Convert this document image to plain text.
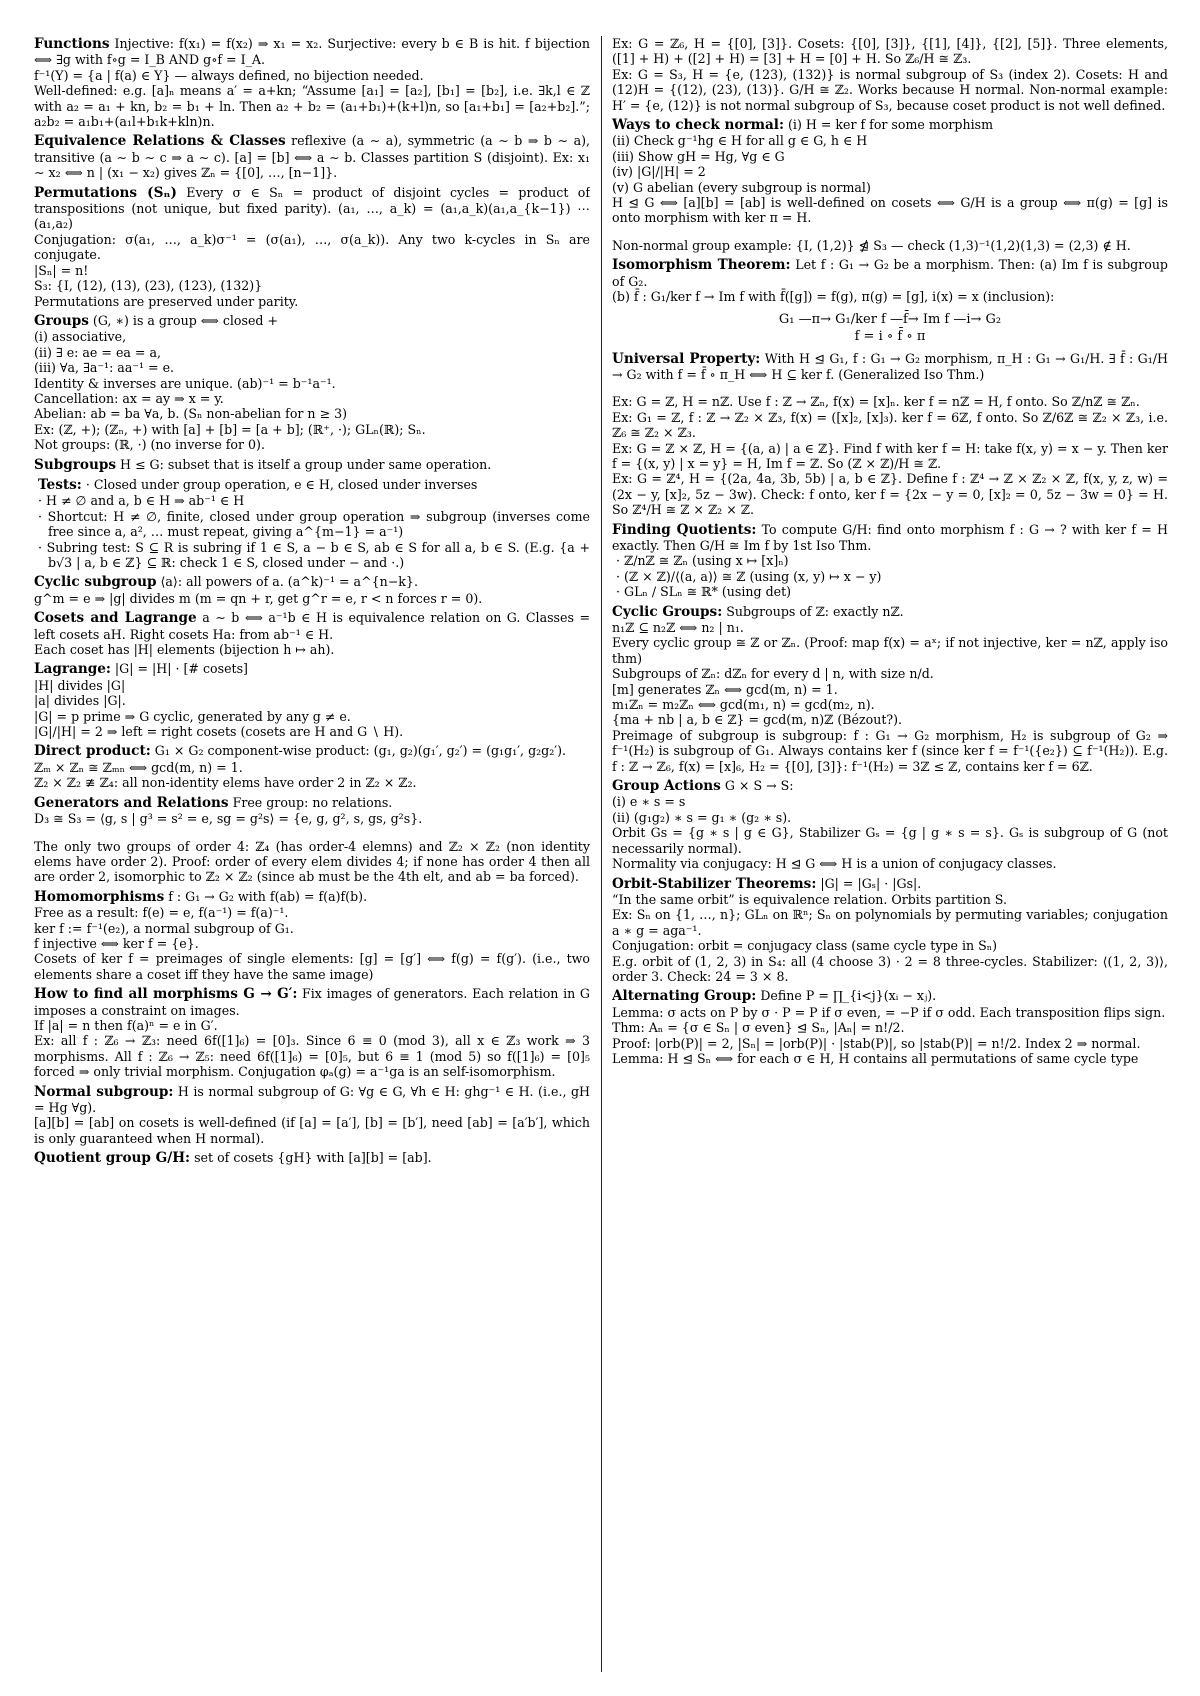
Functions Injective: f(x₁) = f(x₂) ⇒ x₁ = x₂. Surjective: every b ∈ B is hit. f bijection ⟺ ∃g with f∘g = I_B AND g∘f = I_A.
f⁻¹(Y) = {a | f(a) ∈ Y} — always defined, no bijection needed.
Well-defined: e.g. [a]ₙ means a′ = a+kn; “Assume [a₁] = [a₂], [b₁] = [b₂], i.e. ∃k,l ∈ ℤ with a₂ = a₁ + kn, b₂ = b₁ + ln. Then a₂ + b₂ = (a₁+b₁)+(k+l)n, so [a₁+b₁] = [a₂+b₂].”; a₂b₂ = a₁b₁+(a₁l+b₁k+kln)n.
Equivalence Relations & Classes reflexive (a ∼ a), symmetric (a ∼ b ⇒ b ∼ a), transitive (a ∼ b ∼ c ⇒ a ∼ c). [a] = [b] ⟺ a ∼ b. Classes partition S (disjoint). Ex: x₁ ∼ x₂ ⟺ n | (x₁ − x₂) gives ℤₙ = {[0], …, [n−1]}.
Permutations (Sₙ) Every σ ∈ Sₙ = product of disjoint cycles = product of transpositions (not unique, but fixed parity). (a₁, …, a_k) = (a₁,a_k)(a₁,a_{k−1}) ⋯ (a₁,a₂)
Conjugation: σ(a₁, …, a_k)σ⁻¹ = (σ(a₁), …, σ(a_k)). Any two k-cycles in Sₙ are conjugate.
|Sₙ| = n!
S₃: {I, (12), (13), (23), (123), (132)}
Permutations are preserved under parity.
Groups (G, ∗) is a group ⟺ closed +
(i) associative,
(ii) ∃ e: ae = ea = a,
(iii) ∀a, ∃a⁻¹: aa⁻¹ = e.
Identity & inverses are unique. (ab)⁻¹ = b⁻¹a⁻¹.
Cancellation: ax = ay ⇒ x = y.
Abelian: ab = ba ∀a, b. (Sₙ non-abelian for n ≥ 3)
Ex: (ℤ, +); (ℤₙ, +) with [a] + [b] = [a + b]; (ℝ⁺, ·); GLₙ(ℝ); Sₙ.
Not groups: (ℝ, ·) (no inverse for 0).
Subgroups H ≤ G: subset that is itself a group under same operation.
Tests: · Closed under group operation, e ∈ H, closed under inverses
· H ≠ ∅ and a, b ∈ H ⇒ ab⁻¹ ∈ H
· Shortcut: H ≠ ∅, finite, closed under group operation ⇒ subgroup (inverses come free since a, a², … must repeat, giving a^{m−1} = a⁻¹)
· Subring test: S ⊆ R is subring if 1 ∈ S, a − b ∈ S, ab ∈ S for all a, b ∈ S. (E.g. {a + b√3 | a, b ∈ ℤ} ⊆ ℝ: check 1 ∈ S, closed under − and ·.)
Cyclic subgroup ⟨a⟩: all powers of a. (a^k)⁻¹ = a^{n−k}.
g^m = e ⇒ |g| divides m (m = qn + r, get g^r = e, r < n forces r = 0).
Cosets and Lagrange a ∼ b ⟺ a⁻¹b ∈ H is equivalence relation on G. Classes = left cosets aH. Right cosets Ha: from ab⁻¹ ∈ H.
Each coset has |H| elements (bijection h ↦ ah).
Lagrange: |G| = |H| · [# cosets]
|H| divides |G|
|a| divides |G|.
|G| = p prime ⇒ G cyclic, generated by any g ≠ e.
|G|/|H| = 2 ⇒ left = right cosets (cosets are H and G ∖ H).
Direct product: G₁ × G₂ component-wise product: (g₁, g₂)(g₁′, g₂′) = (g₁g₁′, g₂g₂′).
ℤₘ × ℤₙ ≅ ℤₘₙ ⟺ gcd(m, n) = 1.
ℤ₂ × ℤ₂ ≇ ℤ₄: all non-identity elems have order 2 in ℤ₂ × ℤ₂.
Generators and Relations Free group: no relations.
D₃ ≅ S₃ = ⟨g, s | g³ = s² = e, sg = g²s⟩ = {e, g, g², s, gs, g²s}.
The only two groups of order 4: ℤ₄ (has order-4 elemns) and ℤ₂ × ℤ₂ (non identity elems have order 2). Proof: order of every elem divides 4; if none has order 4 then all are order 2, isomorphic to ℤ₂ × ℤ₂ (since ab must be the 4th elt, and ab = ba forced).
Homomorphisms f : G₁ → G₂ with f(ab) = f(a)f(b).
Free as a result: f(e) = e, f(a⁻¹) = f(a)⁻¹.
ker f := f⁻¹(e₂), a normal subgroup of G₁.
f injective ⟺ ker f = {e}.
Cosets of ker f = preimages of single elements: [g] = [g′] ⟺ f(g) = f(g′). (i.e., two elements share a coset iff they have the same image)
How to find all morphisms G → G′: Fix images of generators. Each relation in G imposes a constraint on images.
If |a| = n then f(a)ⁿ = e in G′.
Ex: all f : ℤ₆ → ℤ₃: need 6f([1]₆) = [0]₃. Since 6 ≡ 0 (mod 3), all x ∈ ℤ₃ work ⇒ 3 morphisms. All f : ℤ₆ → ℤ₅: need 6f([1]₆) = [0]₅, but 6 ≡ 1 (mod 5) so f([1]₆) = [0]₅ forced ⇒ only trivial morphism. Conjugation φₐ(g) = a⁻¹ga is an self-isomorphism.
Normal subgroup: H is normal subgroup of G: ∀g ∈ G, ∀h ∈ H: ghg⁻¹ ∈ H. (i.e., gH = Hg ∀g).
[a][b] = [ab] on cosets is well-defined (if [a] = [a′], [b] = [b′], need [ab] = [a′b′], which is only guaranteed when H normal).
Quotient group G/H: set of cosets {gH} with [a][b] = [ab].
Ex: G = ℤ₆, H = {[0], [3]}. Cosets: {[0], [3]}, {[1], [4]}, {[2], [5]}. Three elements, ([1] + H) + ([2] + H) = [3] + H = [0] + H. So ℤ₆/H ≅ ℤ₃.
Ex: G = S₃, H = {e, (123), (132)} is normal subgroup of S₃ (index 2). Cosets: H and (12)H = {(12), (23), (13)}. G/H ≅ ℤ₂. Works because H normal. Non-normal example: H′ = {e, (12)} is not normal subgroup of S₃, because coset product is not well defined.
Ways to check normal: (i) H = ker f for some morphism
(ii) Check g⁻¹hg ∈ H for all g ∈ G, h ∈ H
(iii) Show gH = Hg, ∀g ∈ G
(iv) |G|/|H| = 2
(v) G abelian (every subgroup is normal)
H ⊴ G ⟺ [a][b] = [ab] is well-defined on cosets ⟺ G/H is a group ⟺ π(g) = [g] is onto morphism with ker π = H.
Non-normal group example: {I, (1,2)} ⋬ S₃ — check (1,3)⁻¹(1,2)(1,3) = (2,3) ∉ H.
Isomorphism Theorem: Let f : G₁ → G₂ be a morphism. Then: (a) Im f is subgroup of G₂.
(b) f̄ : G₁/ker f → Im f with f̄([g]) = f(g), π(g) = [g], i(x) = x (inclusion):
G₁ —π→ G₁/ker f —f̄→ Im f —i→ G₂
f = i ∘ f̄ ∘ π
Universal Property: With H ⊴ G₁, f : G₁ → G₂ morphism, π_H : G₁ → G₁/H. ∃ f̄ : G₁/H → G₂ with f = f̄ ∘ π_H ⟺ H ⊆ ker f. (Generalized Iso Thm.)
Ex: G = ℤ, H = nℤ. Use f : ℤ → ℤₙ, f(x) = [x]ₙ. ker f = nℤ = H, f onto. So ℤ/nℤ ≅ ℤₙ.
Ex: G₁ = ℤ, f : ℤ → ℤ₂ × ℤ₃, f(x) = ([x]₂, [x]₃). ker f = 6ℤ, f onto. So ℤ/6ℤ ≅ ℤ₂ × ℤ₃, i.e. ℤ₆ ≅ ℤ₂ × ℤ₃.
Ex: G = ℤ × ℤ, H = {(a, a) | a ∈ ℤ}. Find f with ker f = H: take f(x, y) = x − y. Then ker f = {(x, y) | x = y} = H, Im f = ℤ. So (ℤ × ℤ)/H ≅ ℤ.
Ex: G = ℤ⁴, H = {(2a, 4a, 3b, 5b) | a, b ∈ ℤ}. Define f : ℤ⁴ → ℤ × ℤ₂ × ℤ, f(x, y, z, w) = (2x − y, [x]₂, 5z − 3w). Check: f onto, ker f = {2x − y = 0, [x]₂ = 0, 5z − 3w = 0} = H. So ℤ⁴/H ≅ ℤ × ℤ₂ × ℤ.
Finding Quotients: To compute G/H: find onto morphism f : G → ? with ker f = H exactly. Then G/H ≅ Im f by 1st Iso Thm.
· ℤ/nℤ ≅ ℤₙ (using x ↦ [x]ₙ)
· (ℤ × ℤ)/⟨(a, a)⟩ ≅ ℤ (using (x, y) ↦ x − y)
· GLₙ / SLₙ ≅ ℝ* (using det)
Cyclic Groups: Subgroups of ℤ: exactly nℤ.
n₁ℤ ⊆ n₂ℤ ⟺ n₂ | n₁.
Every cyclic group ≅ ℤ or ℤₙ. (Proof: map f(x) = aˣ; if not injective, ker = nℤ, apply iso thm)
Subgroups of ℤₙ: dℤₙ for every d | n, with size n/d.
[m] generates ℤₙ ⟺ gcd(m, n) = 1.
m₁ℤₙ = m₂ℤₙ ⟺ gcd(m₁, n) = gcd(m₂, n).
{ma + nb | a, b ∈ ℤ} = gcd(m, n)ℤ (Bézout?).
Preimage of subgroup is subgroup: f : G₁ → G₂ morphism, H₂ is subgroup of G₂ ⇒ f⁻¹(H₂) is subgroup of G₁. Always contains ker f (since ker f = f⁻¹({e₂}) ⊆ f⁻¹(H₂)). E.g. f : ℤ → ℤ₆, f(x) = [x]₆, H₂ = {[0], [3]}: f⁻¹(H₂) = 3ℤ ≤ ℤ, contains ker f = 6ℤ.
Group Actions G × S → S:
(i) e ∗ s = s
(ii) (g₁g₂) ∗ s = g₁ ∗ (g₂ ∗ s).
Orbit Gs = {g ∗ s | g ∈ G}, Stabilizer Gₛ = {g | g ∗ s = s}. Gₛ is subgroup of G (not necessarily normal).
Normality via conjugacy: H ⊴ G ⟺ H is a union of conjugacy classes.
Orbit-Stabilizer Theorems: |G| = |Gₛ| · |Gs|.
“In the same orbit” is equivalence relation. Orbits partition S.
Ex: Sₙ on {1, …, n}; GLₙ on ℝⁿ; Sₙ on polynomials by permuting variables; conjugation a ∗ g = aga⁻¹.
Conjugation: orbit = conjugacy class (same cycle type in Sₙ)
E.g. orbit of (1, 2, 3) in S₄: all (4 choose 3) · 2 = 8 three-cycles. Stabilizer: ⟨(1, 2, 3)⟩, order 3. Check: 24 = 3 × 8.
Alternating Group: Define P = ∏_{i<j}(xᵢ − xⱼ).
Lemma: σ acts on P by σ · P = P if σ even, = −P if σ odd. Each transposition flips sign.
Thm: Aₙ = {σ ∈ Sₙ | σ even} ⊴ Sₙ, |Aₙ| = n!/2.
Proof: |orb(P)| = 2, |Sₙ| = |orb(P)| · |stab(P)|, so |stab(P)| = n!/2. Index 2 ⇒ normal.
Lemma: H ⊴ Sₙ ⟺ for each σ ∈ H, H contains all permutations of same cycle type
